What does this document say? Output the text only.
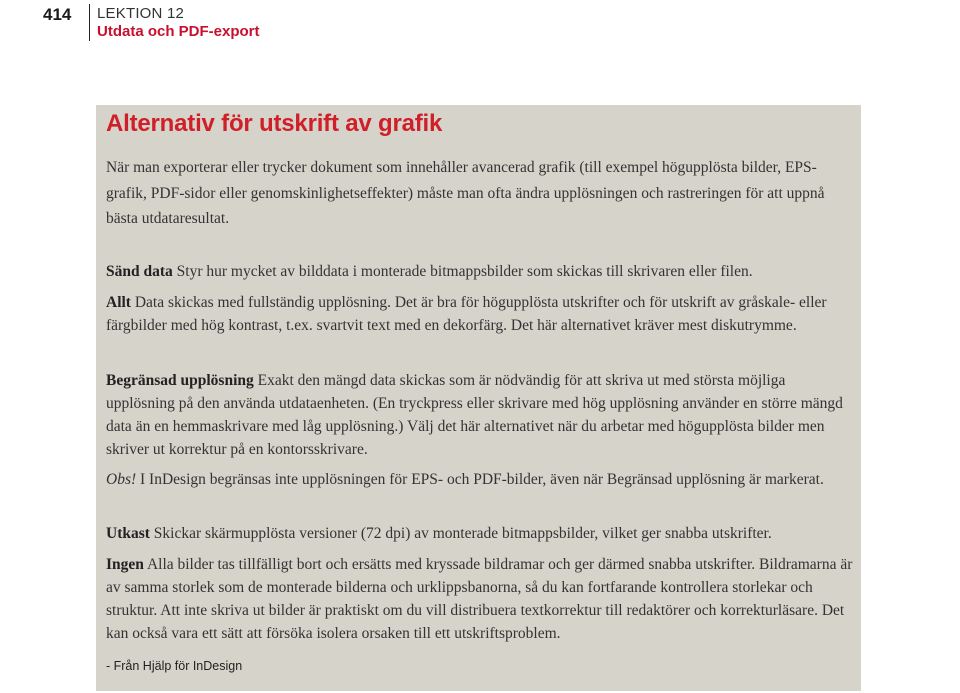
414 LEKTION 12
Utdata och PDF-export
Alternativ för utskrift av grafik
När man exporterar eller trycker dokument som innehåller avancerad grafik (till exempel högupplösta bilder, EPS-grafik, PDF-sidor eller genomskinlighetseffekter) måste man ofta ändra upplösningen och rastreringen för att uppnå bästa utdataresultat.
Sänd data Styr hur mycket av bilddata i monterade bitmappsbilder som skickas till skrivaren eller filen.
Allt Data skickas med fullständig upplösning. Det är bra för högupplösta utskrifter och för utskrift av gråskale- eller färgbilder med hög kontrast, t.ex. svartvit text med en dekorfärg. Det här alternativet kräver mest diskutrymme.
Begränsad upplösning Exakt den mängd data skickas som är nödvändig för att skriva ut med största möjliga upplösning på den använda utdataenheten. (En tryckpress eller skrivare med hög upplösning använder en större mängd data än en hemmaskrivare med låg upplösning.) Välj det här alternativet när du arbetar med högupplösta bilder men skriver ut korrektur på en kontorsskrivare.
Obs! I InDesign begränsas inte upplösningen för EPS- och PDF-bilder, även när Begränsad upplösning är markerat.
Utkast Skickar skärmupplösta versioner (72 dpi) av monterade bitmappsbilder, vilket ger snabba utskrifter.
Ingen Alla bilder tas tillfälligt bort och ersätts med kryssade bildramar och ger därmed snabba utskrifter. Bildramarna är av samma storlek som de monterade bilderna och urklippsbanorna, så du kan fortfarande kontrollera storlekar och struktur. Att inte skriva ut bilder är praktiskt om du vill distribuera textkorrektur till redaktörer och korrekturläsare. Det kan också vara ett sätt att försöka isolera orsaken till ett utskriftsproblem.
- Från Hjälp för InDesign
